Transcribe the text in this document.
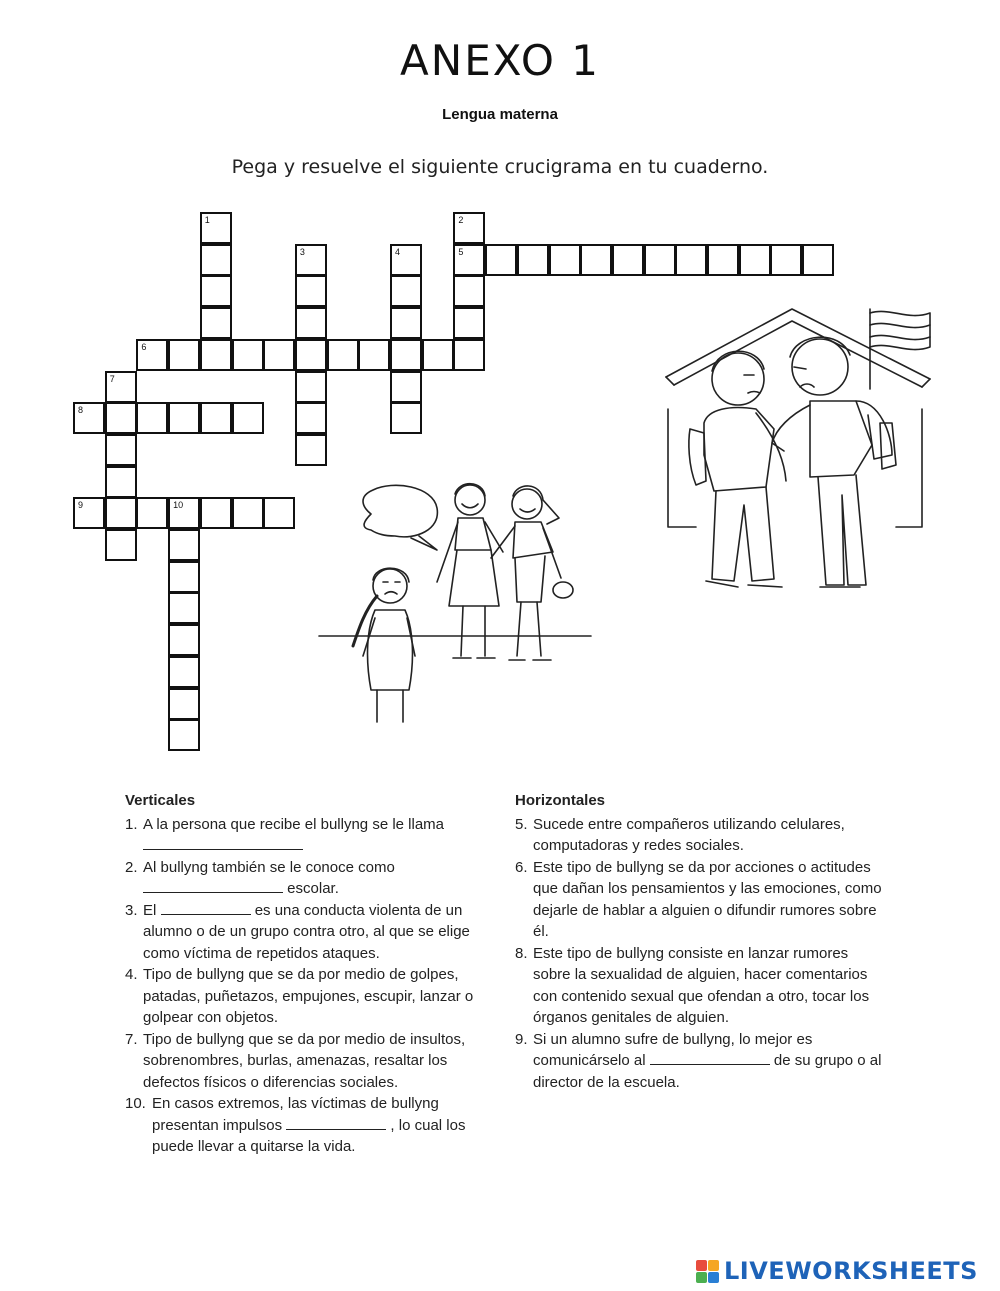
ANEXO 1
Lengua materna
Pega y resuelve el siguiente crucigrama en tu cuaderno.
1	2
5
3	4
6
7
8
9	10
Verticales
1. A la persona que recibe el bullyng se le llama

2. Al bullyng también se le conoce como
escolar.
3. El	es una conducta violenta de un alumno o de un grupo contra otro, al que se elige como víctima de repetidos ataques.
4. Tipo de bullyng que se da por medio de golpes, patadas, puñetazos, empujones, escupir, lanzar o golpear con objetos.
7. Tipo de bullyng que se da por medio de insultos, sobrenombres, burlas, amenazas, resaltar los defectos físicos o diferencias sociales.
10. En casos extremos, las víctimas de bullyng presentan impulsos	, lo cual los puede llevar a quitarse la vida.
Horizontales
5. Sucede entre compañeros utilizando celulares, computadoras y redes sociales.
6. Este tipo de bullyng se da por acciones o actitudes que dañan los pensamientos y las emociones, como dejarle de hablar a alguien o difundir rumores sobre él.
8. Este tipo de bullyng consiste en lanzar rumores sobre la sexualidad de alguien, hacer comentarios con contenido sexual que ofendan a otro, tocar los órganos genitales de alguien.
9. Si un alumno sufre de bullyng, lo mejor es comunicárselo al	de su grupo o al director de la escuela.
LIVEWORKSHEETS
